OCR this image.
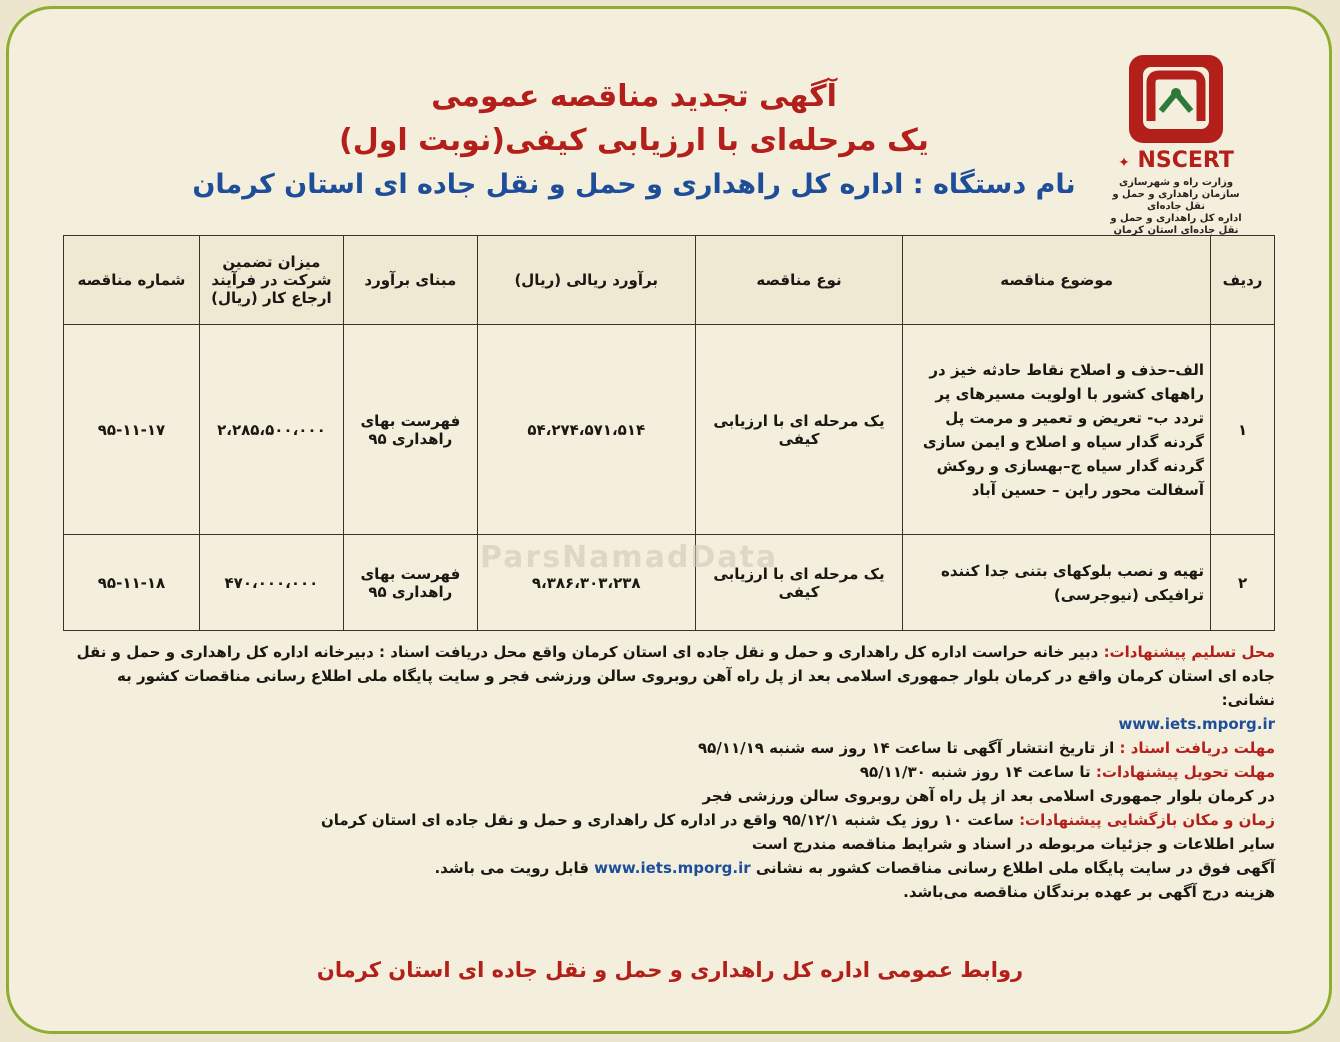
✦ NSCERT
وزارت راه و شهرسازی
سازمان راهداری و حمل و نقل جاده‌ای
اداره کل راهداری و حمل و نقل جاده‌ای استان کرمان
آگهی تجدید مناقصه عمومی
یک مرحله‌ای با ارزیابی کیفی(نوبت اول)
نام دستگاه : اداره کل راهداری و حمل و نقل جاده ای استان کرمان
ردیف	موضوع مناقصه	نوع مناقصه	برآورد ریالی (ریال)	مبنای برآورد	میزان تضمین شرکت در فرآیند ارجاع کار (ریال)	شماره مناقصه
۱	الف–حذف و اصلاح نقاط حادثه خیز در راههای کشور با اولویت مسیرهای پر تردد ب- تعریض و تعمیر و مرمت پل گردنه گدار سیاه و اصلاح و ایمن سازی گردنه گدار سیاه ج–بهسازی و روکش آسفالت محور راین – حسین آباد	یک مرحله ای با ارزیابی کیفی	۵۴،۲۷۴،۵۷۱،۵۱۴	فهرست بهای راهداری ۹۵	۲،۲۸۵،۵۰۰،۰۰۰	۹۵-۱۱-۱۷
۲	تهیه و نصب بلوکهای بتنی جدا کننده ترافیکی (نیوجرسی)	یک مرحله ای با ارزیابی کیفی	۹،۳۸۶،۳۰۳،۲۳۸	فهرست بهای راهداری ۹۵	۴۷۰،۰۰۰،۰۰۰	۹۵-۱۱-۱۸
ParsNamadData
محل تسلیم پیشنهادات: دبیر خانه حراست اداره کل راهداری و حمل و نقل جاده ای استان کرمان واقع محل دریافت اسناد : دبیرخانه اداره کل راهداری و حمل و نقل جاده ای استان کرمان واقع در کرمان بلوار جمهوری اسلامی بعد از پل راه آهن روبروی سالن ورزشی فجر و سایت پایگاه ملی اطلاع رسانی مناقصات کشور به نشانی:
www.iets.mporg.ir
مهلت دریافت اسناد : از تاریخ انتشار آگهی تا ساعت ۱۴ روز سه شنبه ۹۵/۱۱/۱۹
مهلت تحویل پیشنهادات: تا ساعت ۱۴ روز شنبه ۹۵/۱۱/۳۰
در کرمان بلوار جمهوری اسلامی بعد از پل راه آهن روبروی سالن ورزشی فجر
زمان و مکان بازگشایی پیشنهادات: ساعت ۱۰ روز یک شنبه ۹۵/۱۲/۱ واقع در اداره کل راهداری و حمل و نقل جاده ای استان کرمان
سایر اطلاعات و جزئیات مربوطه در اسناد و شرایط مناقصه مندرج است
آگهی فوق در سایت پایگاه ملی اطلاع رسانی مناقصات کشور به نشانی www.iets.mporg.ir قابل رویت می باشد.
هزینه درج آگهی بر عهده برندگان مناقصه می‌باشد.
روابط عمومی اداره کل راهداری و حمل و نقل جاده ای استان کرمان
